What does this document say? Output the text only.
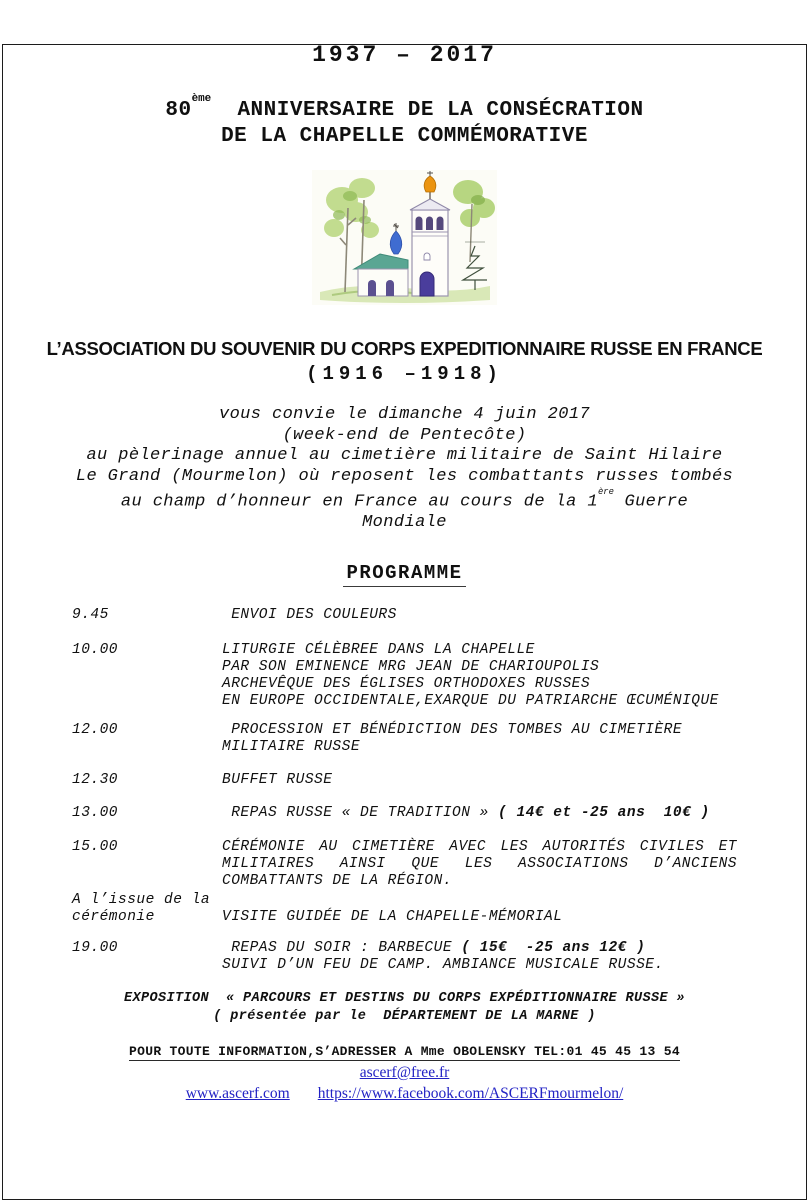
1937 – 2017
80ème  ANNIVERSAIRE DE LA CONSÉCRATION
DE LA CHAPELLE COMMÉMORATIVE
L’ASSOCIATION DU SOUVENIR DU CORPS EXPEDITIONNAIRE RUSSE EN FRANCE
(1916 –1918)
vous convie le dimanche 4 juin 2017
(week-end de Pentecôte)
au pèlerinage annuel au cimetière militaire de Saint Hilaire
Le Grand (Mourmelon) où reposent les combattants russes tombés
au champ d’honneur en France au cours de la 1ère Guerre
Mondiale
PROGRAMME
9.45	ENVOI DES COULEURS
10.00	LITURGIE CÉLÈBREE DANS LA CHAPELLE
PAR SON EMINENCE MRG JEAN DE CHARIOUPOLIS
ARCHEVÊQUE DES ÉGLISES ORTHODOXES RUSSES
EN EUROPE OCCIDENTALE,EXARQUE DU PATRIARCHE ŒCUMÉNIQUE
12.00	PROCESSION ET BÉNÉDICTION DES TOMBES AU CIMETIÈRE
MILITAIRE RUSSE
12.30	BUFFET RUSSE
13.00	REPAS RUSSE « DE TRADITION » ( 14€ et -25 ans  10€ )
15.00	CÉRÉMONIE AU CIMETIÈRE AVEC LES AUTORITÉS CIVILES ET
MILITAIRES AINSI QUE LES ASSOCIATIONS D’ANCIENS
COMBATTANTS DE LA RÉGION.
A l’issue de la
cérémonie	VISITE GUIDÉE DE LA CHAPELLE-MÉMORIAL
19.00	REPAS DU SOIR : BARBECUE ( 15€  -25 ans 12€ )
SUIVI D’UN FEU DE CAMP. AMBIANCE MUSICALE RUSSE.
EXPOSITION  « PARCOURS ET DESTINS DU CORPS EXPÉDITIONNAIRE RUSSE »
( présentée par le  DÉPARTEMENT DE LA MARNE )
POUR TOUTE INFORMATION,S’ADRESSER A Mme OBOLENSKY TEL:01 45 45 13 54
ascerf@free.fr
www.ascerf.com https://www.facebook.com/ASCERFmourmelon/
